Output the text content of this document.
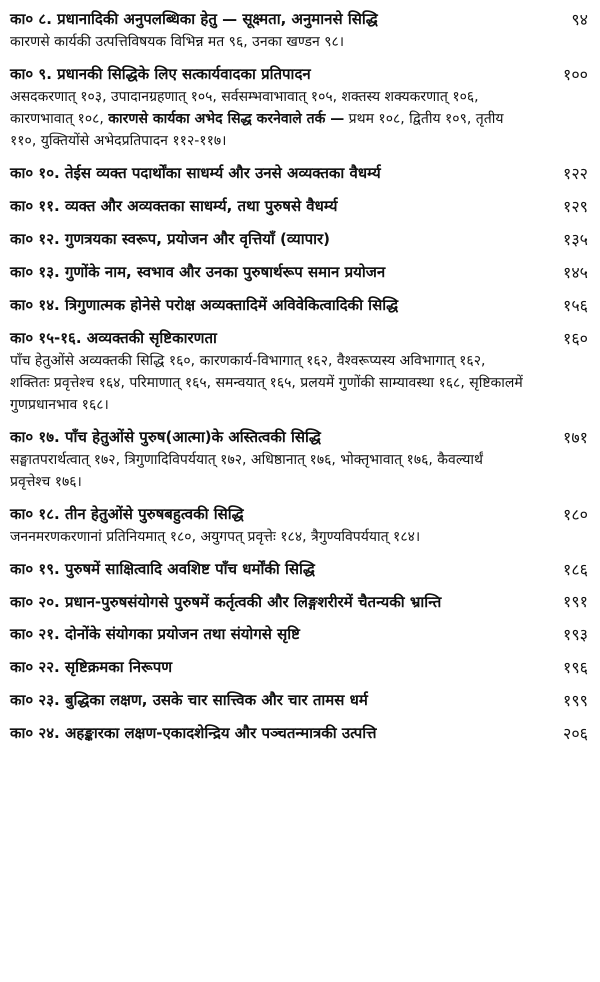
का० ८. प्रधानादिकी अनुपलब्धिका हेतु — सूक्ष्मता, अनुमानसे सिद्धि	९४
कारणसे कार्यकी उत्पत्तिविषयक विभिन्न मत ९६, उनका खण्डन ९८।
का० ९. प्रधानकी सिद्धिके लिए सत्कार्यवादका प्रतिपादन	१००
असदकरणात् १०३, उपादानग्रहणात् १०५, सर्वसम्भवाभावात् १०५, शक्तस्य शक्यकरणात् १०६, कारणभावात् १०८, कारणसे कार्यका अभेद सिद्ध करनेवाले तर्क — प्रथम १०८, द्वितीय १०९, तृतीय ११०, युक्तियोंसे अभेदप्रतिपादन ११२-११७।
का० १०. तेईस व्यक्त पदार्थोंका साधर्म्य और उनसे अव्यक्तका वैधर्म्य	१२२
का० ११. व्यक्त और अव्यक्तका साधर्म्य, तथा पुरुषसे वैधर्म्य	१२९
का० १२. गुणत्रयका स्वरूप, प्रयोजन और वृत्तियाँ (व्यापार)	१३५
का० १३. गुणोंके नाम, स्वभाव और उनका पुरुषार्थरूप समान प्रयोजन	१४५
का० १४. त्रिगुणात्मक होनेसे परोक्ष अव्यक्तादिमें अविवेकित्वादिकी सिद्धि	१५६
का० १५-१६. अव्यक्तकी सृष्टिकारणता	१६०
पाँच हेतुओंसे अव्यक्तकी सिद्धि १६०, कारणकार्य-विभागात् १६२, वैश्वरूप्यस्य अविभागात् १६२, शक्तितः प्रवृत्तेश्च १६४, परिमाणात् १६५, समन्वयात् १६५, प्रलयमें गुणोंकी साम्यावस्था १६८, सृष्टिकालमें गुणप्रधानभाव १६८।
का० १७. पाँच हेतुओंसे पुरुष(आत्मा)के अस्तित्वकी सिद्धि	१७१
सङ्घातपरार्थत्वात् १७२, त्रिगुणादिविपर्ययात् १७२, अधिष्ठानात् १७६, भोक्तृभावात् १७६, कैवल्यार्थं प्रवृत्तेश्च १७६।
का० १८. तीन हेतुओंसे पुरुषबहुत्वकी सिद्धि	१८०
जननमरणकरणानां प्रतिनियमात् १८०, अयुगपत् प्रवृत्तेः १८४, त्रैगुण्यविपर्ययात् १८४।
का० १९. पुरुषमें साक्षित्वादि अवशिष्ट पाँच धर्मोंकी सिद्धि	१८६
का० २०. प्रधान-पुरुषसंयोगसे पुरुषमें कर्तृत्वकी और लिङ्गशरीरमें चैतन्यकी भ्रान्ति	१९१
का० २१. दोनोंके संयोगका प्रयोजन तथा संयोगसे सृष्टि	१९३
का० २२. सृष्टिक्रमका निरूपण	१९६
का० २३. बुद्धिका लक्षण, उसके चार सात्त्विक और चार तामस धर्म	१९९
का० २४. अहङ्कारका लक्षण-एकादशेन्द्रिय और पञ्चतन्मात्रकी उत्पत्ति	२०६
